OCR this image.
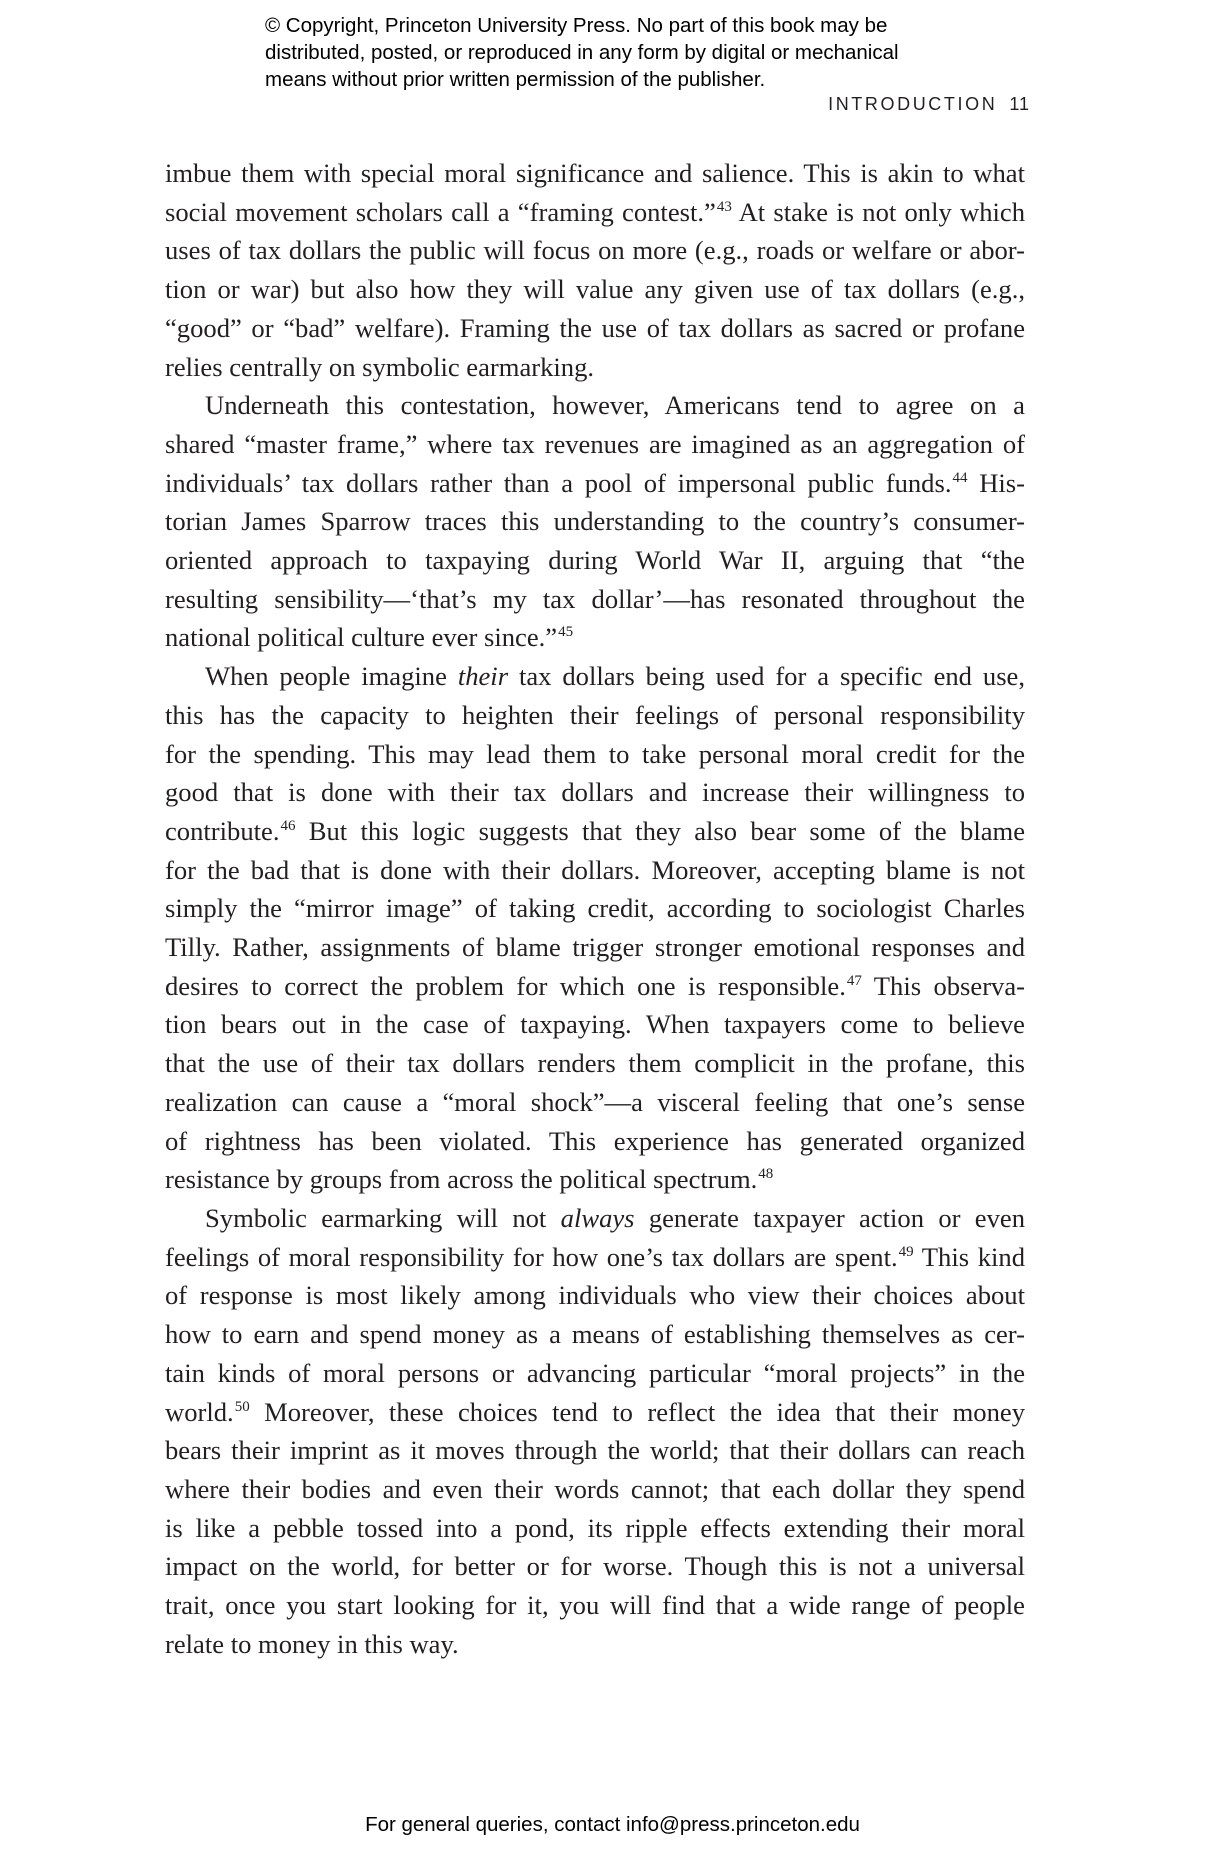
© Copyright, Princeton University Press. No part of this book may be
distributed, posted, or reproduced in any form by digital or mechanical
means without prior written permission of the publisher.
INTRODUCTION 11
imbue them with special moral significance and salience. This is akin to what
social movement scholars call a “framing contest.”$^{43}$ At stake is not only which
uses of tax dollars the public will focus on more (e.g., roads or welfare or abor-
tion or war) but also how they will value any given use of tax dollars (e.g.,
“good” or “bad” welfare). Framing the use of tax dollars as sacred or profane
relies centrally on symbolic earmarking.
Underneath this contestation, however, Americans tend to agree on a
shared “master frame,” where tax revenues are imagined as an aggregation of
individuals’ tax dollars rather than a pool of impersonal public funds.$^{44}$ His-
torian James Sparrow traces this understanding to the country’s consumer-
oriented approach to taxpaying during World War II, arguing that “the
resulting sensibility—‘that’s my tax dollar’—has resonated throughout the
national political culture ever since.”$^{45}$
When people imagine their tax dollars being used for a specific end use,
this has the capacity to heighten their feelings of personal responsibility
for the spending. This may lead them to take personal moral credit for the
good that is done with their tax dollars and increase their willingness to
contribute.$^{46}$ But this logic suggests that they also bear some of the blame
for the bad that is done with their dollars. Moreover, accepting blame is not
simply the “mirror image” of taking credit, according to sociologist Charles
Tilly. Rather, assignments of blame trigger stronger emotional responses and
desires to correct the problem for which one is responsible.$^{47}$ This observa-
tion bears out in the case of taxpaying. When taxpayers come to believe
that the use of their tax dollars renders them complicit in the profane, this
realization can cause a “moral shock”—a visceral feeling that one’s sense
of rightness has been violated. This experience has generated organized
resistance by groups from across the political spectrum.$^{48}$
Symbolic earmarking will not always generate taxpayer action or even
feelings of moral responsibility for how one’s tax dollars are spent.$^{49}$ This kind
of response is most likely among individuals who view their choices about
how to earn and spend money as a means of establishing themselves as cer-
tain kinds of moral persons or advancing particular “moral projects” in the
world.$^{50}$ Moreover, these choices tend to reflect the idea that their money
bears their imprint as it moves through the world; that their dollars can reach
where their bodies and even their words cannot; that each dollar they spend
is like a pebble tossed into a pond, its ripple effects extending their moral
impact on the world, for better or for worse. Though this is not a universal
trait, once you start looking for it, you will find that a wide range of people
relate to money in this way.
For general queries, contact info@press.princeton.edu
